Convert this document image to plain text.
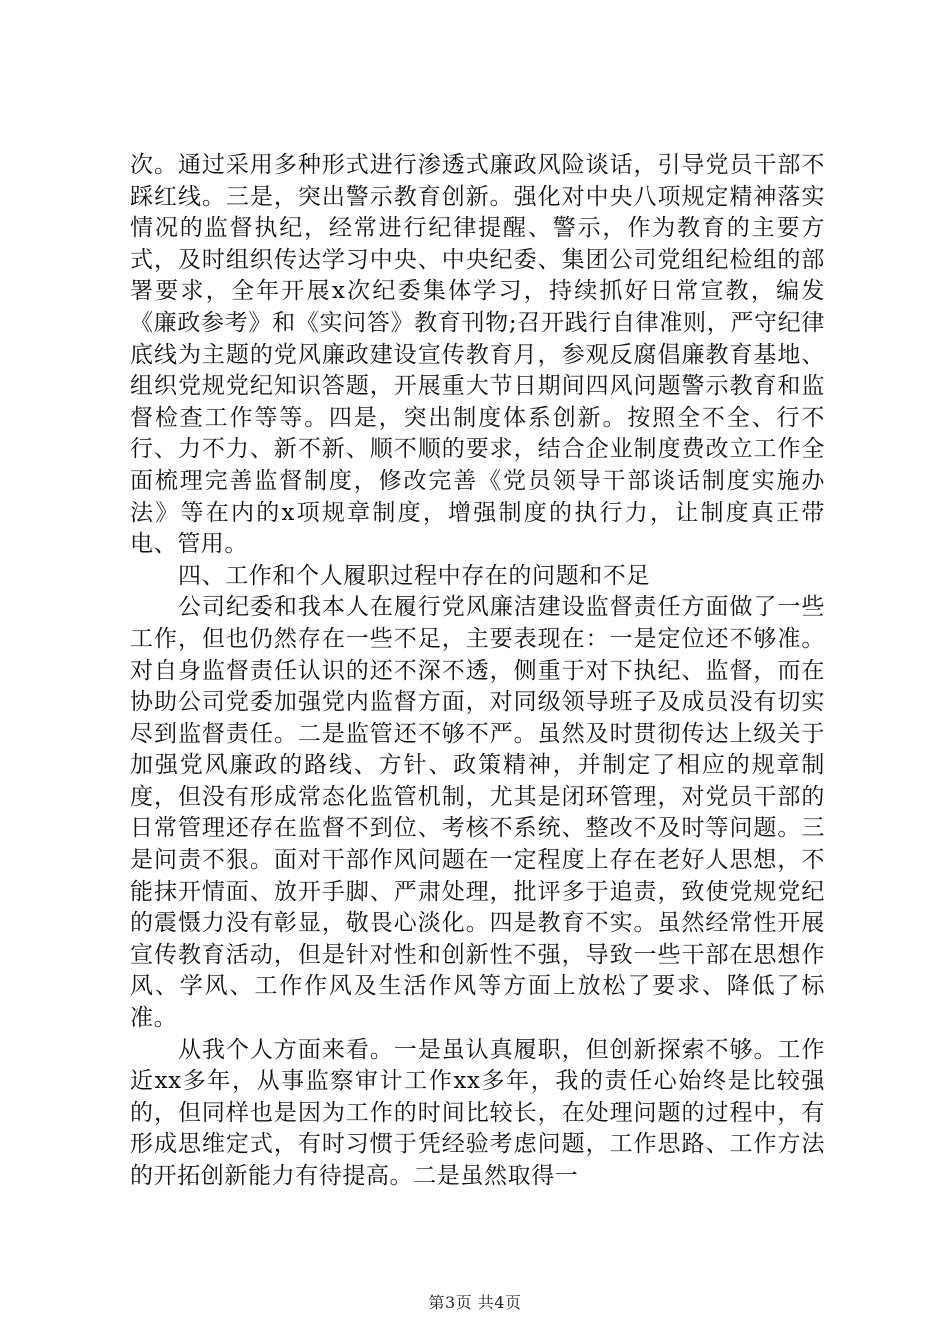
次。通过采用多种形式进行渗透式廉政风险谈话，引导党员干部不踩红线。三是，突出警示教育创新。强化对中央八项规定精神落实情况的监督执纪，经常进行纪律提醒、警示，作为教育的主要方式，及时组织传达学习中央、中央纪委、集团公司党组纪检组的部署要求，全年开展x次纪委集体学习，持续抓好日常宣教，编发《廉政参考》和《实问答》教育刊物;召开践行自律准则，严守纪律底线为主题的党风廉政建设宣传教育月，参观反腐倡廉教育基地、组织党规党纪知识答题，开展重大节日期间四风问题警示教育和监督检查工作等等。四是，突出制度体系创新。按照全不全、行不行、力不力、新不新、顺不顺的要求，结合企业制度费改立工作全面梳理完善监督制度，修改完善《党员领导干部谈话制度实施办法》等在内的x项规章制度，增强制度的执行力，让制度真正带电、管用。

四、工作和个人履职过程中存在的问题和不足

公司纪委和我本人在履行党风廉洁建设监督责任方面做了一些工作，但也仍然存在一些不足，主要表现在：一是定位还不够准。对自身监督责任认识的还不深不透，侧重于对下执纪、监督，而在协助公司党委加强党内监督方面，对同级领导班子及成员没有切实尽到监督责任。二是监管还不够不严。虽然及时贯彻传达上级关于加强党风廉政的路线、方针、政策精神，并制定了相应的规章制度，但没有形成常态化监管机制，尤其是闭环管理，对党员干部的日常管理还存在监督不到位、考核不系统、整改不及时等问题。三是问责不狠。面对干部作风问题在一定程度上存在老好人思想，不能抹开情面、放开手脚、严肃处理，批评多于追责，致使党规党纪的震慑力没有彰显，敬畏心淡化。四是教育不实。虽然经常性开展宣传教育活动，但是针对性和创新性不强，导致一些干部在思想作风、学风、工作作风及生活作风等方面上放松了要求、降低了标准。

从我个人方面来看。一是虽认真履职，但创新探索不够。工作近xx多年，从事监察审计工作xx多年，我的责任心始终是比较强的，但同样也是因为工作的时间比较长，在处理问题的过程中，有形成思维定式，有时习惯于凭经验考虑问题，工作思路、工作方法的开拓创新能力有待提高。二是虽然取得一

第3页 共4页
